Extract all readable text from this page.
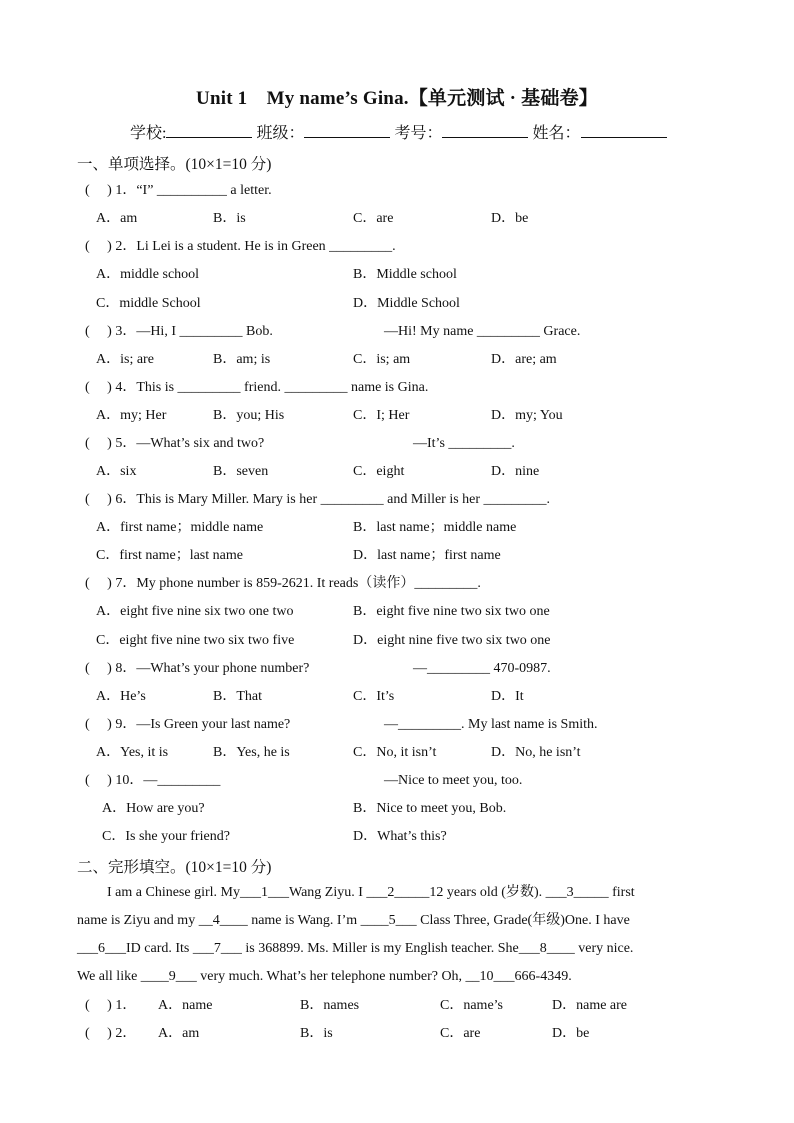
Unit 1　My name’s Gina.【单元测试 · 基础卷】
学校:	班级：	考号：	姓名：
一、单项选择。(10×1=10 分)
(　 ) 1．“I” __________ a letter.
A．am	B．is	C．are	D．be
(　 ) 2．Li Lei is a student. He is in Green _________.
A．middle school	B．Middle school
C．middle School	D．Middle School
(　 ) 3．—Hi, I _________ Bob.	—Hi! My name _________ Grace.
A．is; are	B．am; is	C．is; am	D．are; am
(　 ) 4．This is _________ friend. _________ name is Gina.
A．my; Her	B．you; His	C．I; Her	D．my; You
(　 ) 5．—What’s six and two?	—It’s _________.
A．six	B．seven	C．eight	D．nine
(　 ) 6．This is Mary Miller. Mary is her _________ and Miller is her _________.
A．first name；middle name	B．last name；middle name
C．first name；last name	D．last name；first name
(　 ) 7．My phone number is 859-2621. It reads（读作）_________.
A．eight five nine six two one two	B．eight five nine two six two one
C．eight five nine two six two five	D．eight nine five two six two one
(　 ) 8．—What’s your phone number?	—_________ 470-0987.
A．He’s	B．That	C．It’s	D．It
(　 ) 9．—Is Green your last name?	—_________. My last name is Smith.
A．Yes, it is	B．Yes, he is	C．No, it isn’t	D．No, he isn’t
(　 ) 10．—_________	—Nice to meet you, too.
A．How are you?	B．Nice to meet you, Bob.
C．Is she your friend?	D．What’s this?
二、完形填空。(10×1=10 分)

I am a Chinese girl. My___1___Wang Ziyu. I ___2_____12 years old (岁数). ___3_____ first

name is Ziyu and my __4____ name is Wang. I’m ____5___ Class Three, Grade(年级)One. I have

___6___ID card. Its ___7___ is 368899. Ms. Miller is my English teacher. She___8____ very nice.

We all like ____9___ very much. What’s her telephone number? Oh, __10___666-4349.

(　 ) 1． A．name	B．names	C．name’s	D．name are
(　 ) 2． A．am	B．is	C．are	D．be
